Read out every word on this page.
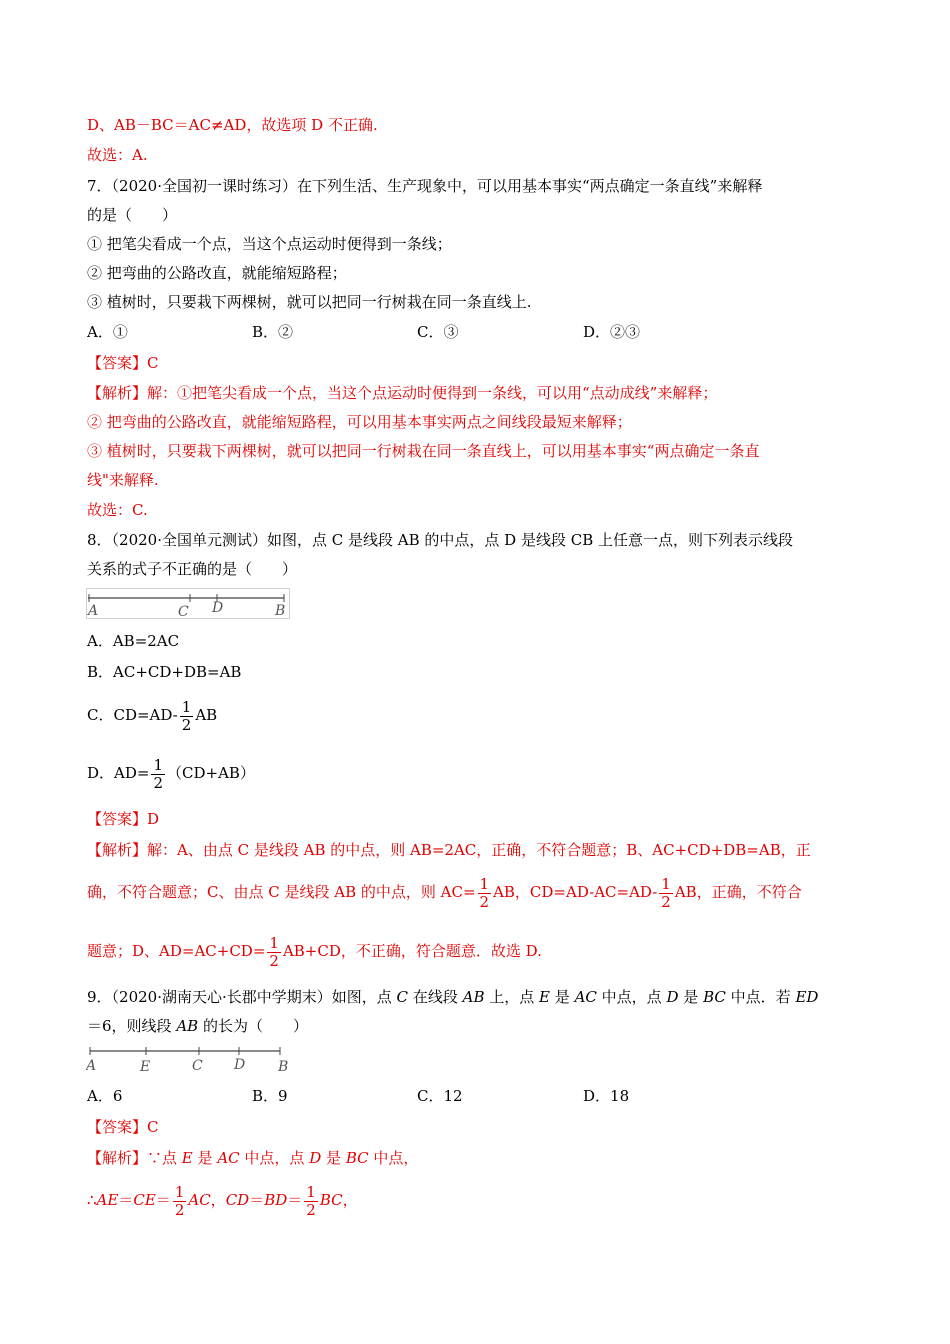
D、AB－BC＝AC≠AD，故选项 D 不正确.
故选：A.
7．（2020·全国初一课时练习）在下列生活、生产现象中，可以用基本事实“两点确定一条直线”来解释
的是（　　）
① 把笔尖看成一个点，当这个点运动时便得到一条线；
② 把弯曲的公路改直，就能缩短路程；
③ 植树时，只要栽下两棵树，就可以把同一行树栽在同一条直线上.
A．①	B．②	C．③	D．②③
【答案】C
【解析】解：①把笔尖看成一个点，当这个点运动时便得到一条线，可以用“点动成线”来解释；
② 把弯曲的公路改直，就能缩短路程，可以用基本事实两点之间线段最短来解释；
③ 植树时，只要栽下两棵树，就可以把同一行树栽在同一条直线上，可以用基本事实“两点确定一条直
线"来解释.
故选：C.
8．（2020·全国单元测试）如图，点 C 是线段 AB 的中点，点 D 是线段 CB 上任意一点，则下列表示线段
关系的式子不正确的是（　　）
A	C D	B
A．AB=2AC
B．AC+CD+DB=AB
C．$CD=AD- \frac{1}{2}$ AB
D．$AD= \frac{1}{2} (CD+AB)$
【答案】D
【解析】解：A、由点 C 是线段 AB 的中点，则 AB=2AC，正确，不符合题意；B、AC+CD+DB=AB，正
确，不符合题意；C、由点 C 是线段 AB 的中点，则 $AC= \frac{1}{2}$ AB，$CD=AD-AC=AD- \frac{1}{2}$ AB，正确，不符合
题意；D、$AD=AC+CD= \frac{1}{2} AB+CD$，不正确，符合题意．故选 D.
9．（2020·湖南天心·长郡中学期末）如图，点 C 在线段 AB 上，点 E 是 AC 中点，点 D 是 BC 中点．若 ED
＝6，则线段 AB 的长为（　　）
A	E	C D B
A．6	B．9	C．12	D．18
【答案】C
【解析】∵点 E 是 AC 中点，点 D 是 BC 中点，
∴AE＝CE＝ $\frac{1}{2}$ AC，$CD=BD= \frac{1}{2}$ BC，
